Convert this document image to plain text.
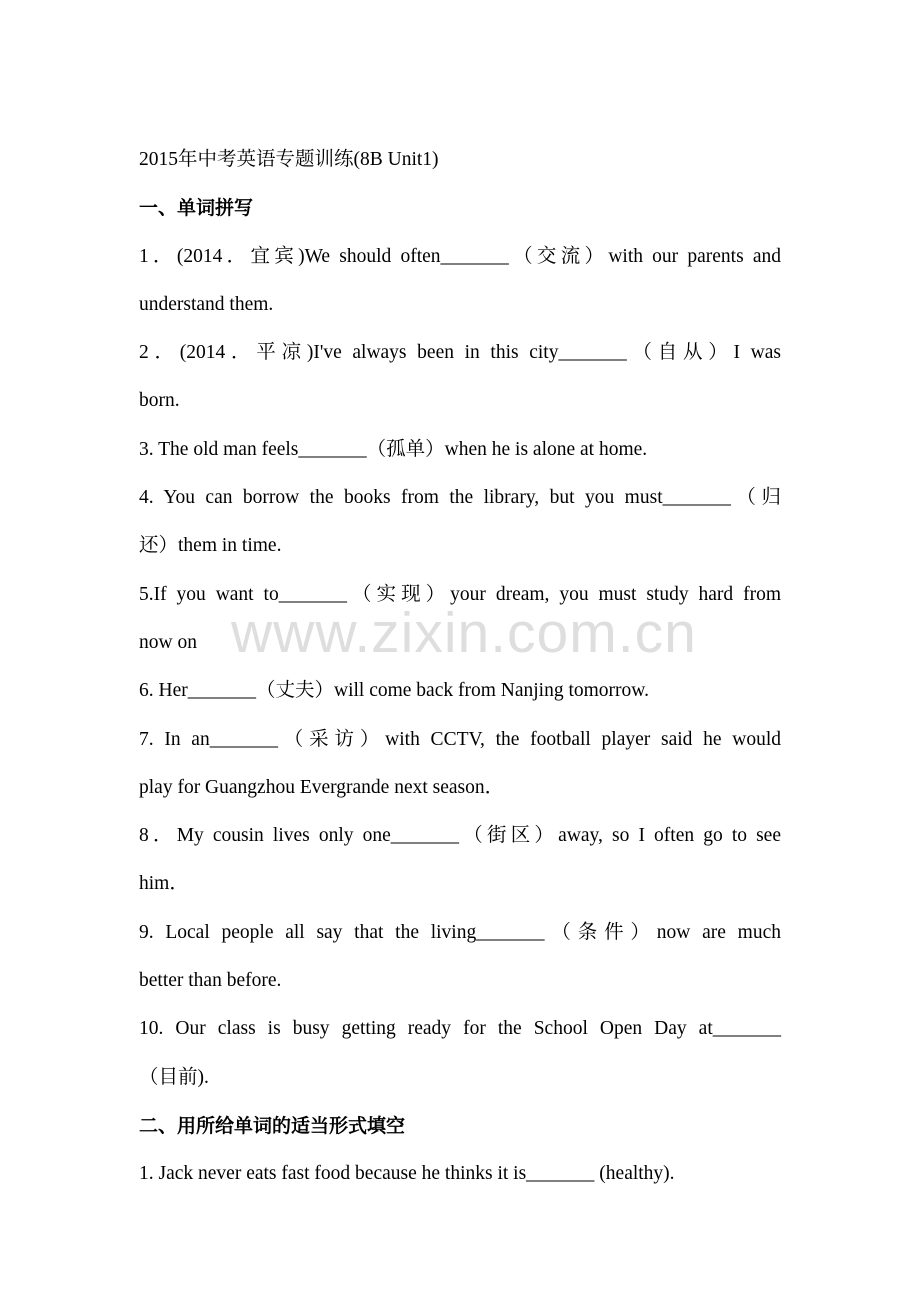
2015年中考英语专题训练(8B Unit1)
一、单词拼写
1．(2014．宜宾)We should often_______（交流）with our parents and
understand them.
2．(2014．平凉)I've always been in this city_______（自从）I was
born.
3. The old man feels_______（孤单）when he is alone at home.
4. You can borrow the books from the library, but you must_______（归
还）them in time.
5.If you want to_______（实现）your dream, you must study hard from
now on
6. Her_______（丈夫）will come back from Nanjing tomorrow.
7. In an_______（采访）with CCTV, the football player said he would
play for Guangzhou Evergrande next season．
8．My cousin lives only one_______（街区）away, so I often go to see
him．
9. Local people all say that the living_______（条件）now are much
better than before.
10. Our class is busy getting ready for the School Open Day at_______
（目前).
二、用所给单词的适当形式填空
1. Jack never eats fast food because he thinks it is_______ (healthy).
www.zixin.com.cn
